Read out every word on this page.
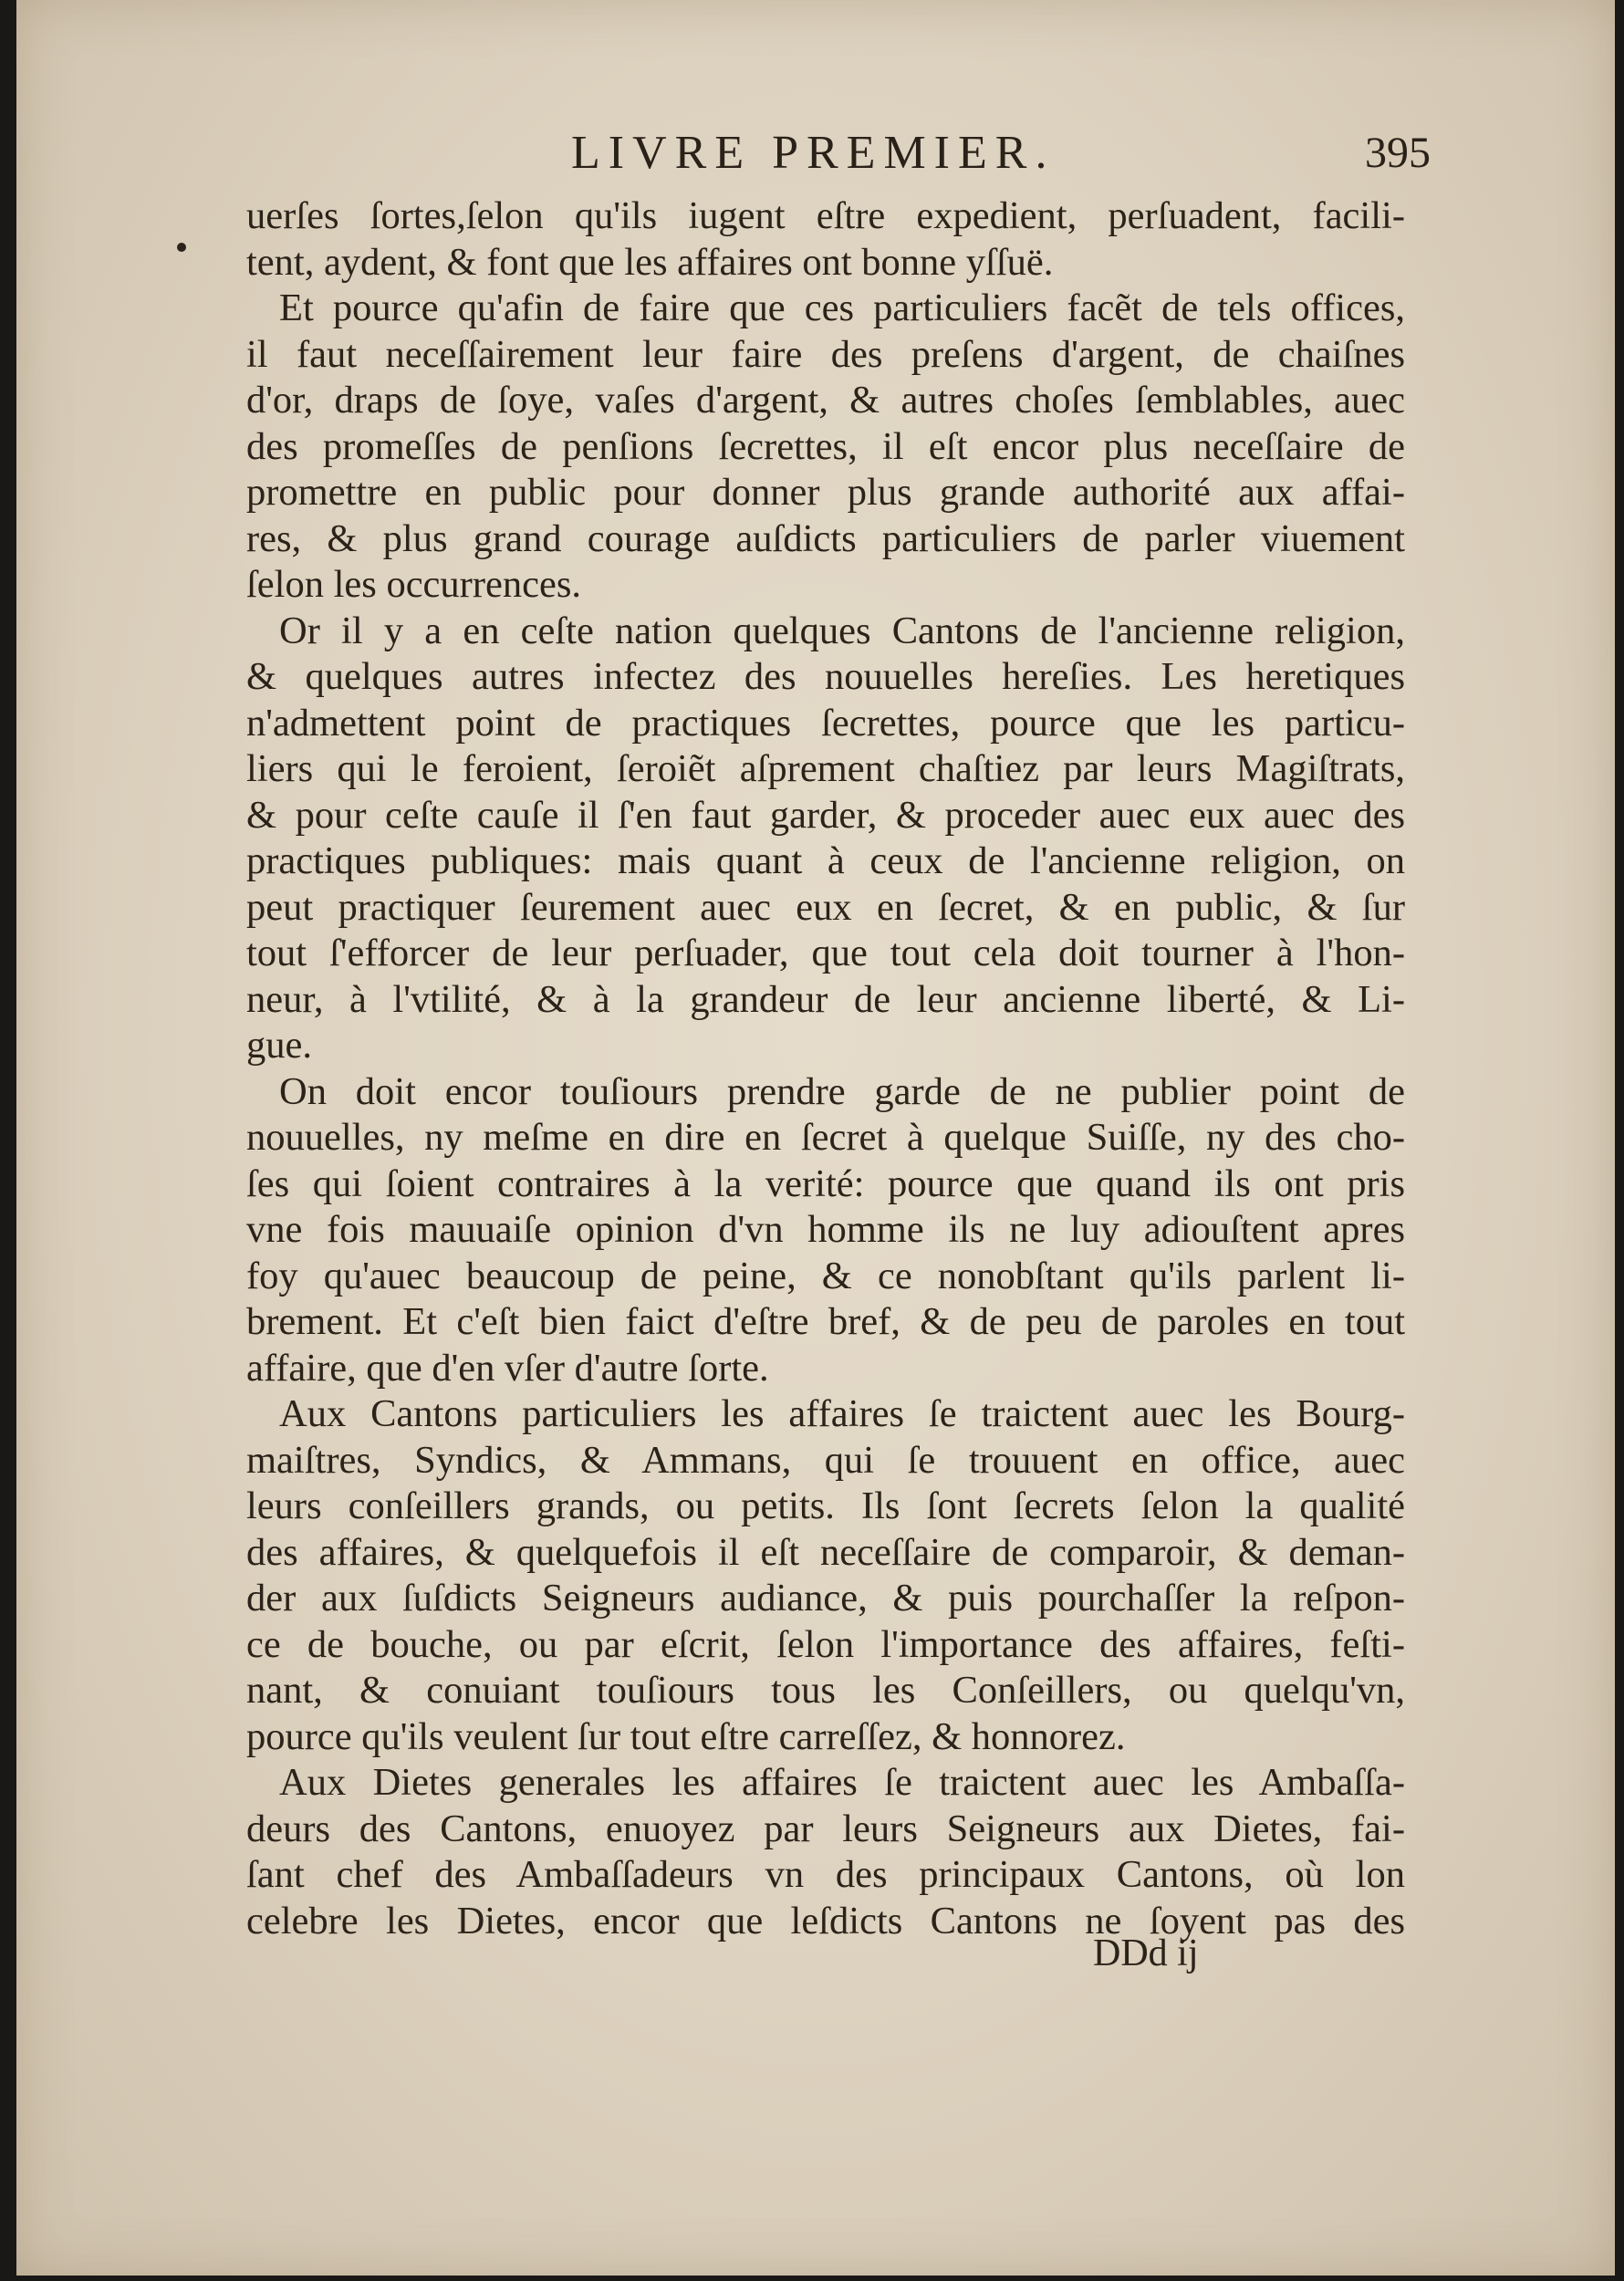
LIVRE PREMIER.	395
uerſes ſortes,ſelon qu'ils iugent eſtre expedient, perſuadent, facili-
tent, aydent, & font que les affaires ont bonne yſſuë.
Et pource qu'afin de faire que ces particuliers facẽt de tels offices,
il faut neceſſairement leur faire des preſens d'argent, de chaiſnes
d'or, draps de ſoye, vaſes d'argent, & autres choſes ſemblables, auec
des promeſſes de penſions ſecrettes, il eſt encor plus neceſſaire de
promettre en public pour donner plus grande authorité aux affai-
res, & plus grand courage auſdicts particuliers de parler viuement
ſelon les occurrences.
Or il y a en ceſte nation quelques Cantons de l'ancienne religion,
& quelques autres infectez des nouuelles hereſies. Les heretiques
n'admettent point de practiques ſecrettes, pource que les particu-
liers qui le feroient, ſeroiẽt aſprement chaſtiez par leurs Magiſtrats,
& pour ceſte cauſe il ſ'en faut garder, & proceder auec eux auec des
practiques publiques: mais quant à ceux de l'ancienne religion, on
peut practiquer ſeurement auec eux en ſecret, & en public, & ſur
tout ſ'efforcer de leur perſuader, que tout cela doit tourner à l'hon-
neur, à l'vtilité, & à la grandeur de leur ancienne liberté, & Li-
gue.
On doit encor touſiours prendre garde de ne publier point de
nouuelles, ny meſme en dire en ſecret à quelque Suiſſe, ny des cho-
ſes qui ſoient contraires à la verité: pource que quand ils ont pris
vne fois mauuaiſe opinion d'vn homme ils ne luy adiouſtent apres
foy qu'auec beaucoup de peine, & ce nonobſtant qu'ils parlent li-
brement. Et c'eſt bien faict d'eſtre bref, & de peu de paroles en tout
affaire, que d'en vſer d'autre ſorte.
Aux Cantons particuliers les affaires ſe traictent auec les Bourg-
maiſtres, Syndics, & Ammans, qui ſe trouuent en office, auec
leurs conſeillers grands, ou petits. Ils ſont ſecrets ſelon la qualité
des affaires, & quelquefois il eſt neceſſaire de comparoir, & deman-
der aux ſuſdicts Seigneurs audiance, & puis pourchaſſer la reſpon-
ce de bouche, ou par eſcrit, ſelon l'importance des affaires, feſti-
nant, & conuiant touſiours tous les Conſeillers, ou quelqu'vn,
pource qu'ils veulent ſur tout eſtre carreſſez, & honnorez.
Aux Dietes generales les affaires ſe traictent auec les Ambaſſa-
deurs des Cantons, enuoyez par leurs Seigneurs aux Dietes, fai-
ſant chef des Ambaſſadeurs vn des principaux Cantons, où lon
celebre les Dietes, encor que leſdicts Cantons ne ſoyent pas des
DDd ij
